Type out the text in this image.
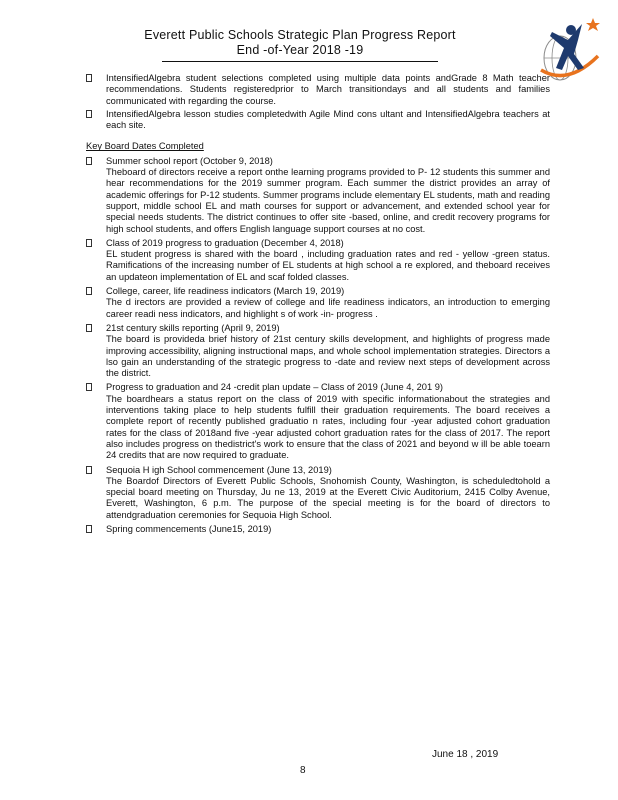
Everett Public Schools Strategic Plan Progress Report
End -of-Year 2018 -19
IntensifiedAlgebra student selections completed using multiple data points andGrade 8 Math teacher recommendations. Students registeredprior to March transitiondays and all students and families communicated with regarding the course.
IntensifiedAlgebra lesson studies completedwith Agile Mind cons ultant and IntensifiedAlgebra teachers at each site.
Key Board Dates Completed
Summer school report (October 9, 2018)
Theboard of directors receive a report onthe learning programs provided to P- 12 students this summer and hear recommendations for the 2019 summer program. Each summer the district provides an array of academic offerings for P-12 students. Summer programs include elementary EL students, math and reading support, middle school EL and math courses for support or advancement, and extended school year for special needs students. The district continues to offer site -based, online, and credit recovery programs for high school students, and offers English language support courses at no cost.
Class of 2019 progress to graduation (December 4, 2018)
EL student progress is shared with the board , including graduation rates and red - yellow -green status. Ramifications of the increasing number of EL students at high school a re explored, and theboard receives an updateon implementation of EL and scaf folded classes.
College, career, life readiness indicators (March 19, 2019)
The d irectors are provided a review of college and life readiness indicators, an introduction to emerging career readi ness indicators, and highlight s of work -in- progress .
21st century skills reporting (April 9, 2019)
The board is provideda brief history of 21st century skills development, and highlights of progress made improving accessibility, aligning instructional maps, and whole school implementation strategies. Directors a lso gain an understanding of the strategic progress to -date and review next steps of development across the district.
Progress to graduation and 24 -credit plan update – Class of 2019 (June 4, 201 9)
The boardhears a status report on the class of 2019 with specific informationabout the strategies and interventions taking place to help students fulfill their graduation requirements. The board receives a complete report of recently published graduatio n rates, including four -year adjusted cohort graduation rates for the class of 2018and five -year adjusted cohort graduation rates for the class of 2017. The report also includes progress on thedistrict's work to ensure that the class of 2021 and beyond w ill be able toearn 24 credits that are now required to graduate.
Sequoia H igh School commencement (June 13, 2019)
The Boardof Directors of Everett Public Schools, Snohomish County, Washington, is scheduledtohold a special board meeting on Thursday, Ju ne 13, 2019 at the Everett Civic Auditorium, 2415 Colby Avenue, Everett, Washington, 6 p.m. The purpose of the special meeting is for the board of directors to attendgraduation ceremonies for Sequoia High School.
Spring commencements (June15, 2019)
June 18 , 2019
8
